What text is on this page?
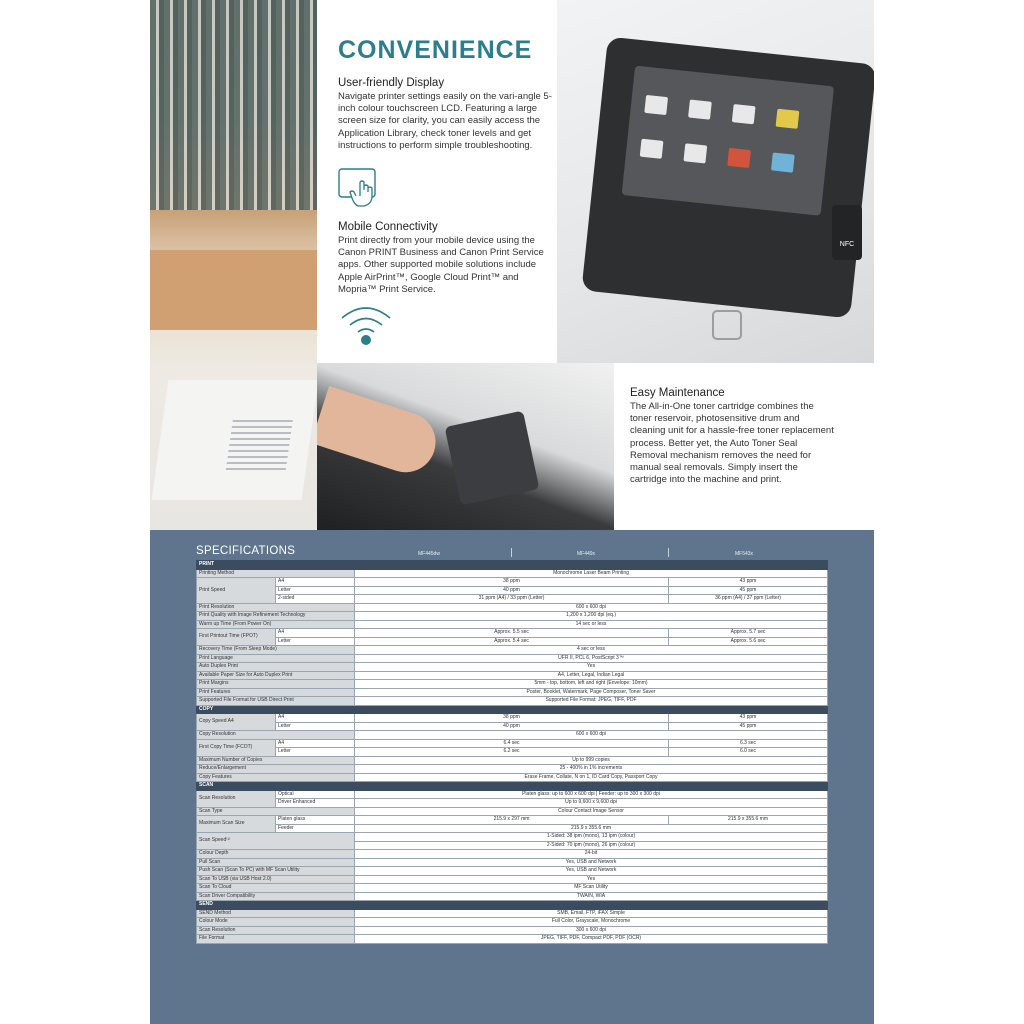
NFC
CONVENIENCE

User-friendly Display

Navigate printer settings easily on the vari-angle 5-inch colour touchscreen LCD. Featuring a large screen size for clarity, you can easily access the Application Library, check toner levels and get instructions to perform simple troubleshooting.

Mobile Connectivity

Print directly from your mobile device using the Canon PRINT Business and Canon Print Service apps. Other supported mobile solutions include Apple AirPrint™, Google Cloud Print™ and Mopria™ Print Service.

Easy Maintenance

The All-in-One toner cartridge combines the toner reservoir, photosensitive drum and cleaning unit for a hassle-free toner replacement process. Better yet, the Auto Toner Seal Removal mechanism removes the need for manual seal removals. Simply insert the cartridge into the machine and print.

SPECIFICATIONS	MF445dw	MF449x	MF543x
PRINT			
Printing Method		Monochrome Laser Beam Printing	
Print Speed	A4	38 ppm	43 ppm
	Letter	40 ppm	45 ppm
	2-sided	31 ppm (A4) / 33 ppm (Letter)	36 ppm (A4) / 37 ppm (Letter)
Print Resolution		600 x 600 dpi	
Print Quality with Image Refinement Technology		1,200 x 1,200 dpi (eq.)	
Warm up Time (From Power On)		14 sec or less	
First Printout Time (FPOT)	A4	Approx. 5.5 sec	Approx. 5.7 sec
	Letter	Approx. 5.4 sec	Approx. 5.6 sec
Recovery Time (From Sleep Mode)		4 sec or less	
Print Language		UFR II, PCL 6, PostScript 3™	
Auto Duplex Print		Yes	
Available Paper Size for Auto Duplex Print		A4, Letter, Legal, Indian Legal	
Print Margins		5mm - top, bottom, left and right (Envelope: 10mm)	
Print Features		Poster, Booklet, Watermark, Page Composer, Toner Saver	
Supported File Format for USB Direct Print		Supported File Format: JPEG, TIFF, PDF	
COPY			
Copy Speed A4	A4	38 ppm	43 ppm
	Letter	40 ppm	45 ppm
Copy Resolution		600 x 600 dpi	
First Copy Time (FCOT)	A4	6.4 sec	6.3 sec
	Letter	6.2 sec	6.0 sec
Maximum Number of Copies		Up to 999 copies	
Reduce/Enlargement		25 - 400% in 1% increments	
Copy Features		Erase Frame, Collate, N on 1, ID Card Copy, Passport Copy	
SCAN			
Scan Resolution	Optical	Platen glass: up to 600 x 600 dpi | Feeder: up to 300 x 300 dpi	
	Driver Enhanced	Up to 9,600 x 9,600 dpi	
Scan Type		Colour Contact Image Sensor	
Maximum Scan Size	Platen glass	215.9 x 297 mm	215.9 x 355.6 mm
	Feeder	215.9 x 355.6 mm	
Scan Speed⁽¹⁾		1-Sided: 38 ipm (mono), 13 ipm (colour)	
		2-Sided: 70 ipm (mono), 26 ipm (colour)	
Colour Depth		24-bit	
Pull Scan		Yes, USB and Network	
Push Scan (Scan To PC) with MF Scan Utility		Yes, USB and Network	
Scan To USB (via USB Host 2.0)		Yes	
Scan To Cloud		MF Scan Utility	
Scan Driver Compatibility		TWAIN, WIA	
SEND			
SEND Method		SMB, Email, FTP, iFAX Simple	
Colour Mode		Full Color, Grayscale, Monochrome	
Scan Resolution		300 x 600 dpi	
File Format		JPEG, TIFF, PDF, Compact PDF, PDF (OCR)	
